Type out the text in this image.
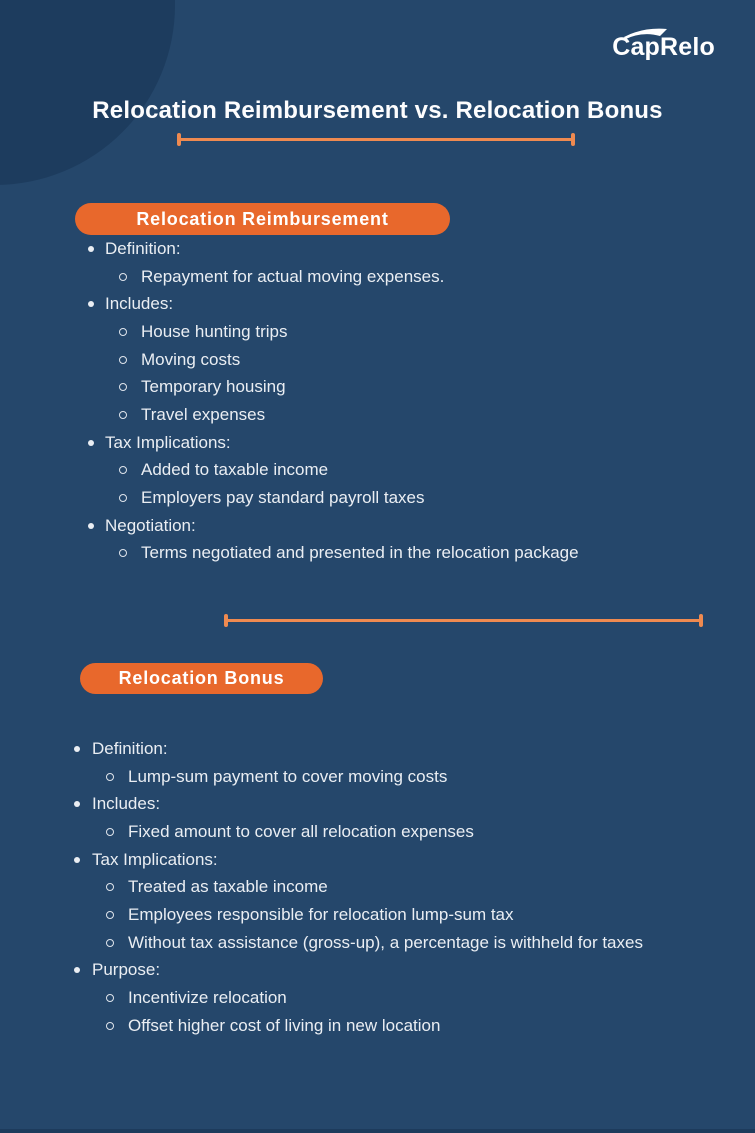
CapRelo
Relocation Reimbursement vs. Relocation Bonus
Relocation Reimbursement
Definition:
Repayment for actual moving expenses.
Includes:
House hunting trips
Moving costs
Temporary housing
Travel expenses
Tax Implications:
Added to taxable income
Employers pay standard payroll taxes
Negotiation:
Terms negotiated and presented in the relocation package
Relocation Bonus
Definition:
Lump-sum payment to cover moving costs
Includes:
Fixed amount to cover all relocation expenses
Tax Implications:
Treated as taxable income
Employees responsible for relocation lump-sum tax
Without tax assistance (gross-up), a percentage is withheld for taxes
Purpose:
Incentivize relocation
Offset higher cost of living in new location
